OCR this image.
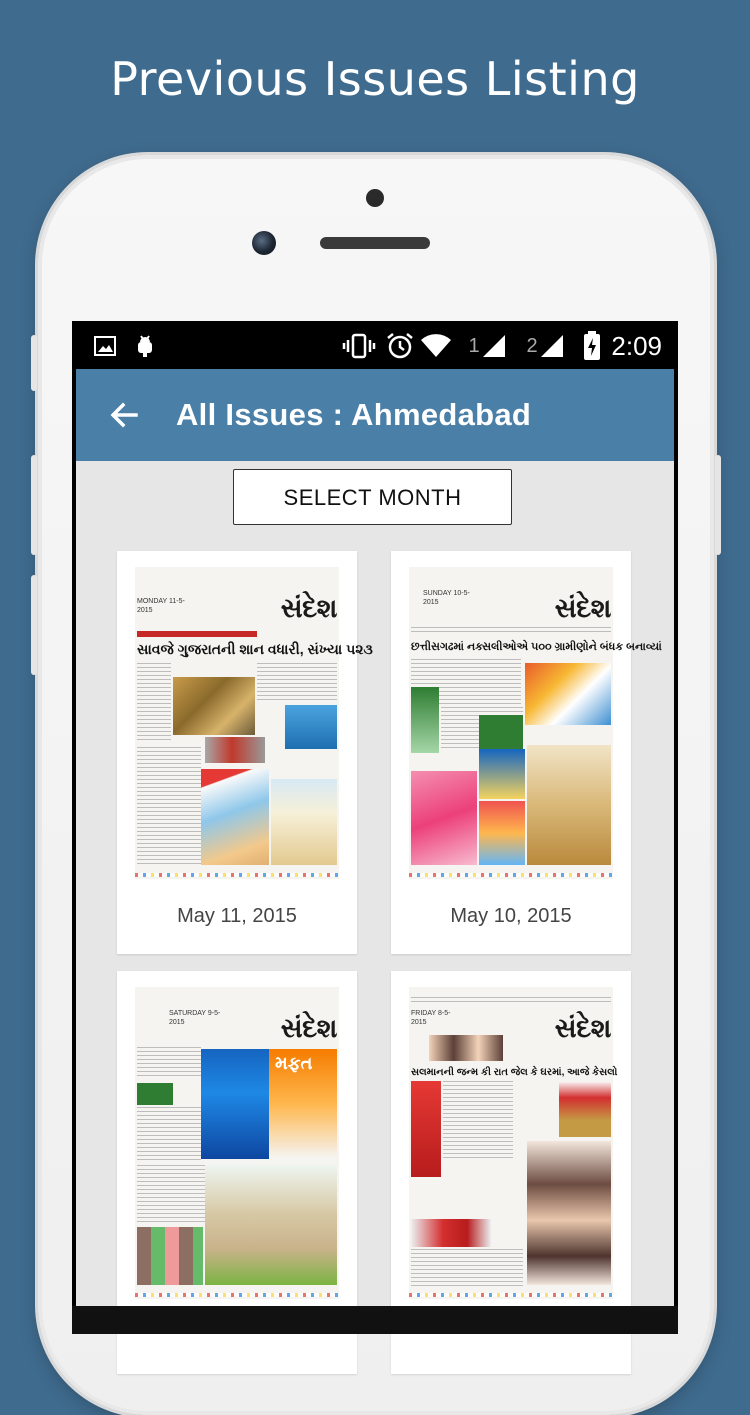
Previous Issues Listing
1 2	2:09
All Issues : Ahmedabad
SELECT MONTH
MONDAY 11-5-2015	સંદેશ
સાવજે ગુજરાતની શાન વધારી, સંખ્યા ૫૨૩
May 11, 2015
SUNDAY 10-5-2015	સંદેશ
છત્તીસગઢમાં નક્સલીઓએ ૫૦૦ ગ્રામીણોને બંધક બનાવ્યાં
May 10, 2015
SATURDAY 9-5-2015	સંદેશ
મફત
FRIDAY 8-5-2015	સંદેશ
સલમાનની જન્મ કી રાત જેલ કે ઘરમાં, આજે કેસલો
